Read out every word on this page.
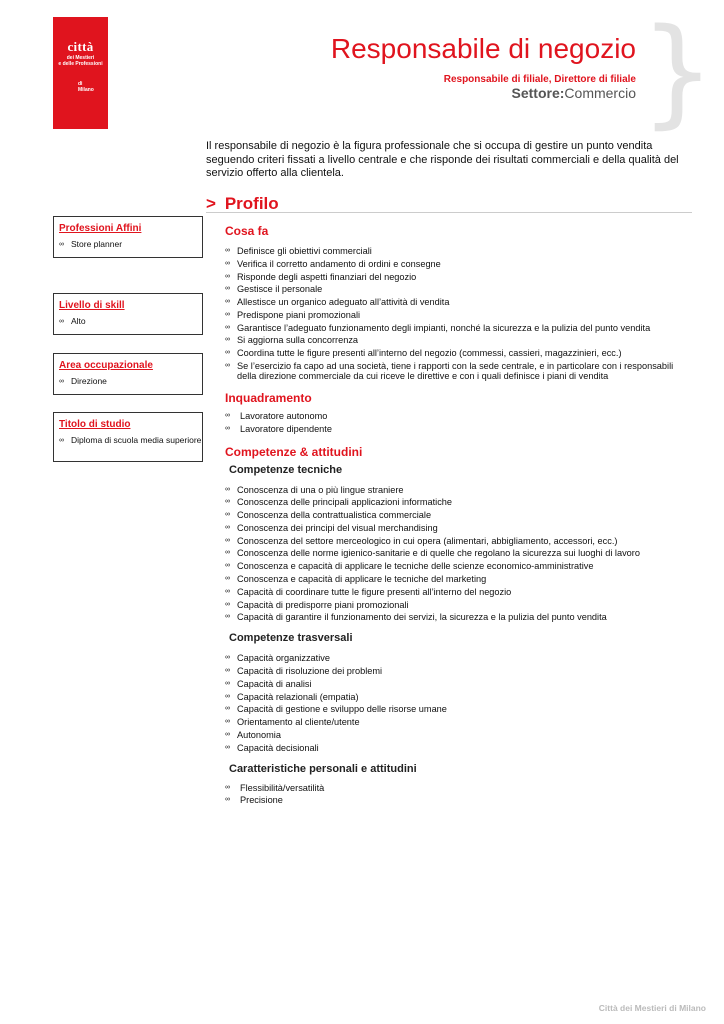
città
dei Mestieri
e delle Professioni
di
Milano	}
Responsabile di negozio
Responsabile di filiale, Direttore di filiale
Settore:Commercio
Il responsabile di negozio è la figura professionale che si occupa di gestire un punto vendita seguendo criteri fissati a livello centrale e che risponde dei risultati commerciali e della qualità del servizio offerto alla clientela.
> Profilo
Professioni Affini
∞ Store planner
Livello di skill
∞ Alto
Area occupazionale
∞ Direzione
Titolo di studio
∞ Diploma di scuola media superiore
Cosa fa
∞ Definisce gli obiettivi commerciali
∞ Verifica il corretto andamento di ordini e consegne
∞ Risponde degli aspetti finanziari del negozio
∞ Gestisce il personale
∞ Allestisce un organico adeguato all’attività di vendita
∞ Predispone piani promozionali
∞ Garantisce l’adeguato funzionamento degli impianti, nonché la sicurezza e la pulizia del punto vendita
∞ Si aggiorna sulla concorrenza
∞ Coordina tutte le figure presenti all’interno del negozio (commessi, cassieri, magazzinieri, ecc.)
∞ Se l’esercizio fa capo ad una società, tiene i rapporti con la sede centrale, e in particolare con i responsabili della direzione commerciale da cui riceve le direttive e con i quali definisce i piani di vendita
Inquadramento
∞ Lavoratore autonomo
∞ Lavoratore dipendente
Competenze & attitudini
Competenze tecniche
∞ Conoscenza di una o più lingue straniere
∞ Conoscenza delle principali applicazioni informatiche
∞ Conoscenza della contrattualistica commerciale
∞ Conoscenza dei principi del visual merchandising
∞ Conoscenza del settore merceologico in cui opera (alimentari, abbigliamento, accessori, ecc.)
∞ Conoscenza delle norme igienico-sanitarie e di quelle che regolano la sicurezza sui luoghi di lavoro
∞ Conoscenza e capacità di applicare le tecniche delle scienze economico-amministrative
∞ Conoscenza e capacità di applicare le tecniche del marketing
∞ Capacità di coordinare tutte le figure presenti all’interno del negozio
∞ Capacità di predisporre piani promozionali
∞ Capacità di garantire il funzionamento dei servizi, la sicurezza e la pulizia del punto vendita
Competenze trasversali
∞ Capacità organizzative
∞ Capacità di risoluzione dei problemi
∞ Capacità di analisi
∞ Capacità relazionali (empatia)
∞ Capacità di gestione e sviluppo delle risorse umane
∞ Orientamento al cliente/utente
∞ Autonomia
∞ Capacità decisionali
Caratteristiche personali e attitudini
∞ Flessibilità/versatilità
∞ Precisione
Città dei Mestieri di Milano
